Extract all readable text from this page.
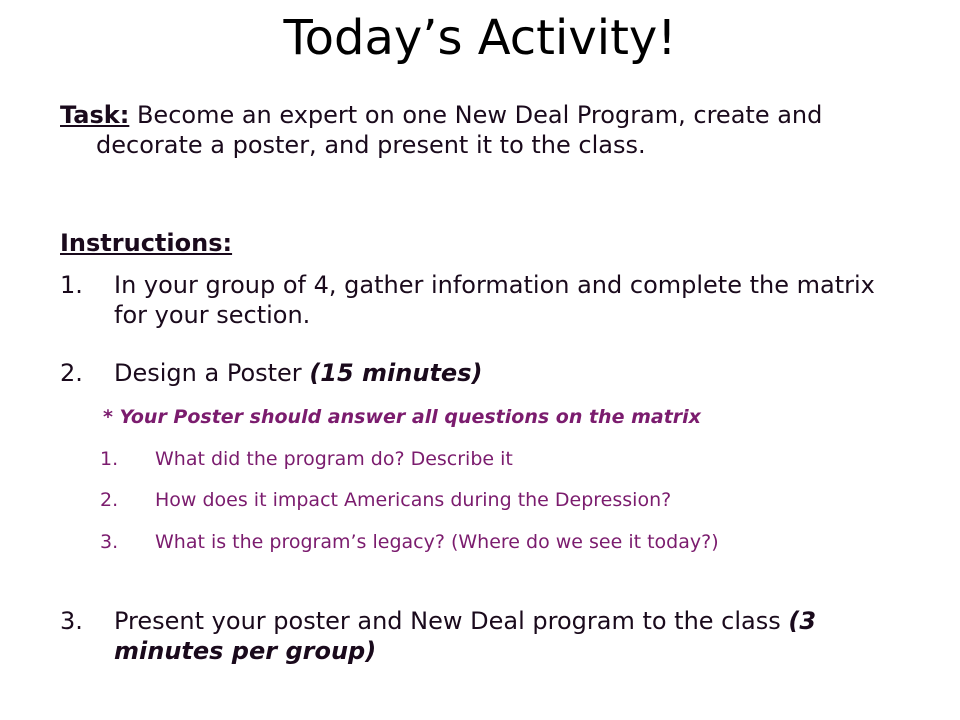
Today’s Activity!
Task: Become an expert on one New Deal Program, create and decorate a poster, and present it to the class.
Instructions:
1. In your group of 4, gather information and complete the matrix for your section.
2. Design a Poster (15 minutes)
* Your Poster should answer all questions on the matrix
1. What did the program do? Describe it
2. How does it impact Americans during the Depression?
3. What is the program’s legacy? (Where do we see it today?)
3. Present your poster and New Deal program to the class (3 minutes per group)
